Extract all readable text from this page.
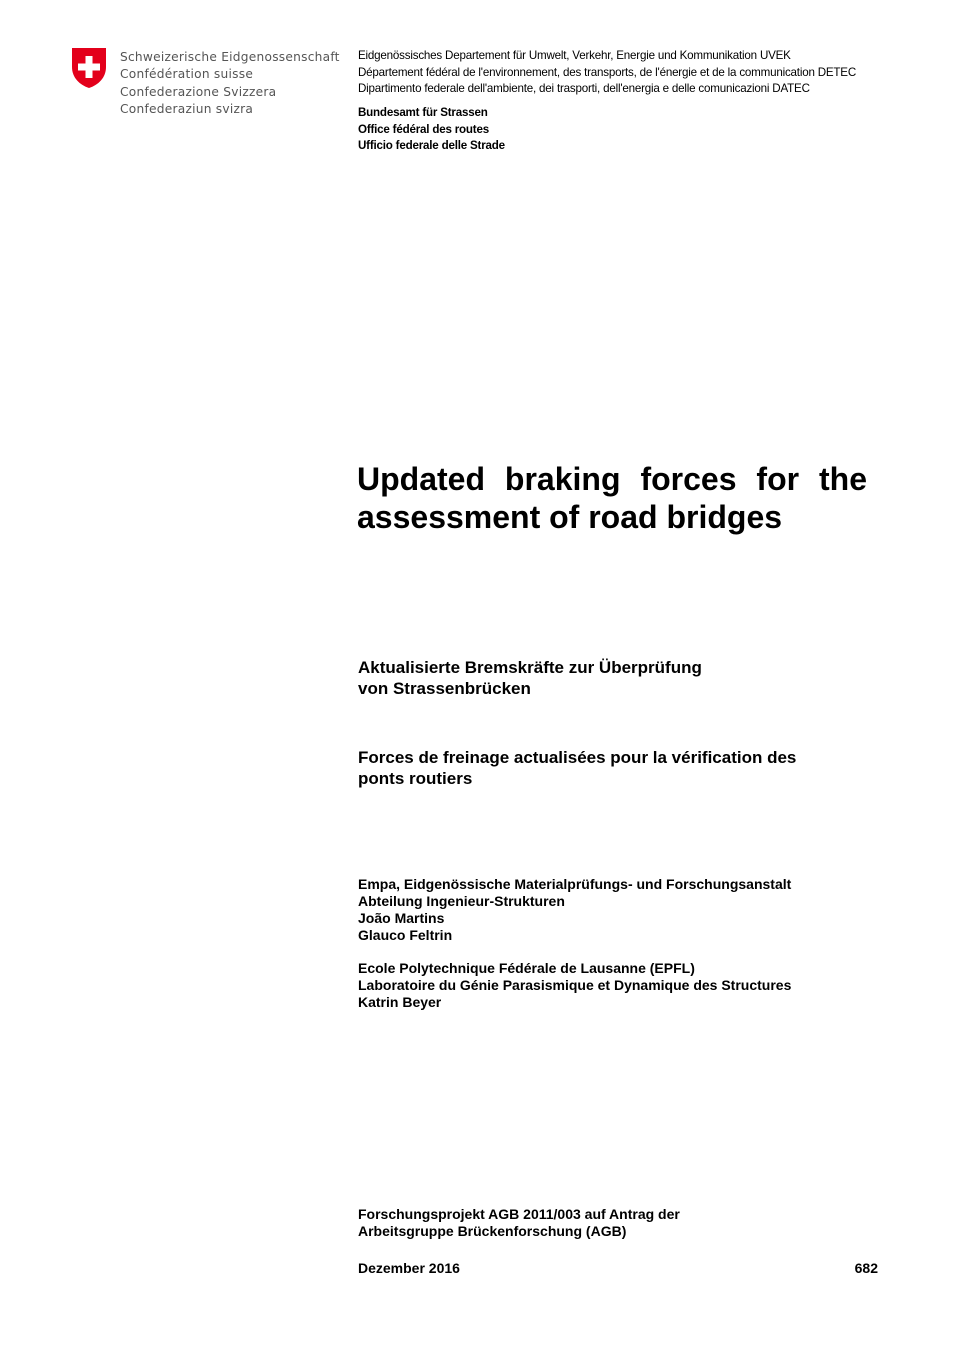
Schweizerische Eidgenossenschaft
Confédération suisse
Confederazione Svizzera
Confederaziun svizra
Eidgenössisches Departement für Umwelt, Verkehr, Energie und Kommunikation UVEK
Département fédéral de l'environnement, des transports, de l'énergie et de la communication DETEC
Dipartimento federale dell'ambiente, dei trasporti, dell'energia e delle comunicazioni DATEC
Bundesamt für Strassen
Office fédéral des routes
Ufficio federale delle Strade
Updated braking forces for the assessment of road bridges
Aktualisierte Bremskräfte zur Überprüfung
von Strassenbrücken
Forces de freinage actualisées pour la vérification des
ponts routiers
Empa, Eidgenössische Materialprüfungs- und Forschungsanstalt
Abteilung Ingenieur-Strukturen
João Martins
Glauco Feltrin
Ecole Polytechnique Fédérale de Lausanne (EPFL)
Laboratoire du Génie Parasismique et Dynamique des Structures
Katrin Beyer
Forschungsprojekt AGB 2011/003 auf Antrag der
Arbeitsgruppe Brückenforschung (AGB)
Dezember 2016	682
